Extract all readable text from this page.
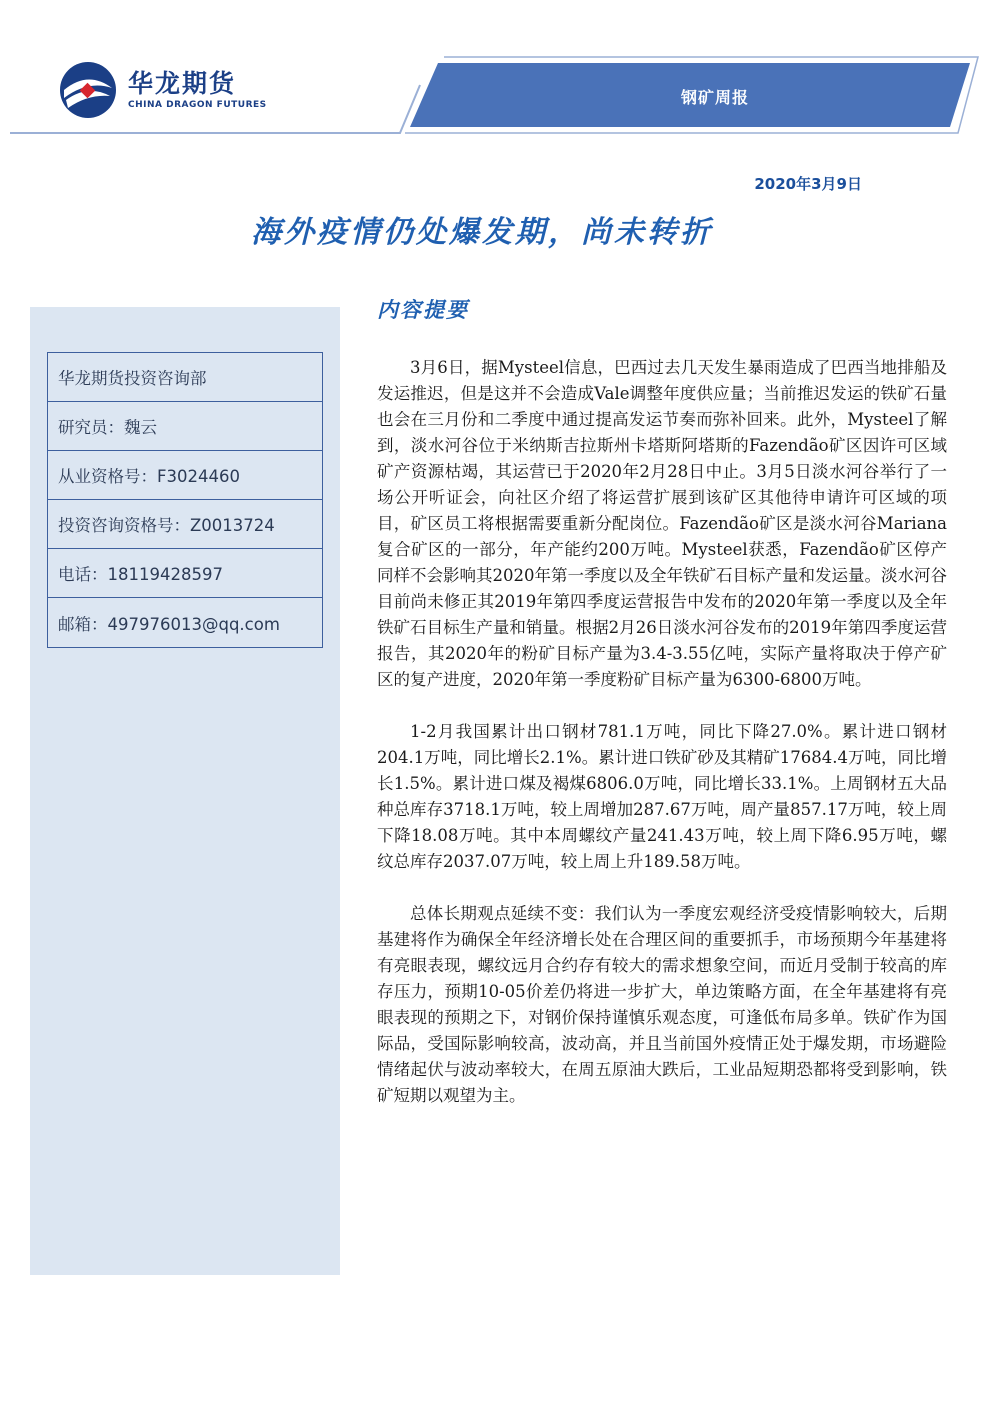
华龙期货
CHINA DRAGON FUTURES	钢矿周报
2020年3月9日
海外疫情仍处爆发期，尚未转折
华龙期货投资咨询部
研究员：魏云
从业资格号：F3024460
投资咨询资格号：Z0013724
电话：18119428597
邮箱：497976013@qq.com
内容提要

3月6日，据Mysteel信息，巴西过去几天发生暴雨造成了巴西当地排船及发运推迟，但是这并不会造成Vale调整年度供应量；当前推迟发运的铁矿石量也会在三月份和二季度中通过提高发运节奏而弥补回来。此外，Mysteel了解到，淡水河谷位于米纳斯吉拉斯州卡塔斯阿塔斯的Fazendão矿区因许可区域矿产资源枯竭，其运营已于2020年2月28日中止。3月5日淡水河谷举行了一场公开听证会，向社区介绍了将运营扩展到该矿区其他待申请许可区域的项目，矿区员工将根据需要重新分配岗位。Fazendão矿区是淡水河谷Mariana复合矿区的一部分，年产能约200万吨。Mysteel获悉，Fazendão矿区停产同样不会影响其2020年第一季度以及全年铁矿石目标产量和发运量。淡水河谷目前尚未修正其2019年第四季度运营报告中发布的2020年第一季度以及全年铁矿石目标生产量和销量。根据2月26日淡水河谷发布的2019年第四季度运营报告，其2020年的粉矿目标产量为3.4-3.55亿吨，实际产量将取决于停产矿区的复产进度，2020年第一季度粉矿目标产量为6300-6800万吨。

1-2月我国累计出口钢材781.1万吨，同比下降27.0%。累计进口钢材204.1万吨，同比增长2.1%。累计进口铁矿砂及其精矿17684.4万吨，同比增长1.5%。累计进口煤及褐煤6806.0万吨，同比增长33.1%。上周钢材五大品种总库存3718.1万吨，较上周增加287.67万吨，周产量857.17万吨，较上周下降18.08万吨。其中本周螺纹产量241.43万吨，较上周下降6.95万吨，螺纹总库存2037.07万吨，较上周上升189.58万吨。

总体长期观点延续不变：我们认为一季度宏观经济受疫情影响较大，后期基建将作为确保全年经济增长处在合理区间的重要抓手，市场预期今年基建将有亮眼表现，螺纹远月合约存有较大的需求想象空间，而近月受制于较高的库存压力，预期10-05价差仍将进一步扩大，单边策略方面，在全年基建将有亮眼表现的预期之下，对钢价保持谨慎乐观态度，可逢低布局多单。铁矿作为国际品，受国际影响较高，波动高，并且当前国外疫情正处于爆发期，市场避险情绪起伏与波动率较大，在周五原油大跌后，工业品短期恐都将受到影响，铁矿短期以观望为主。
